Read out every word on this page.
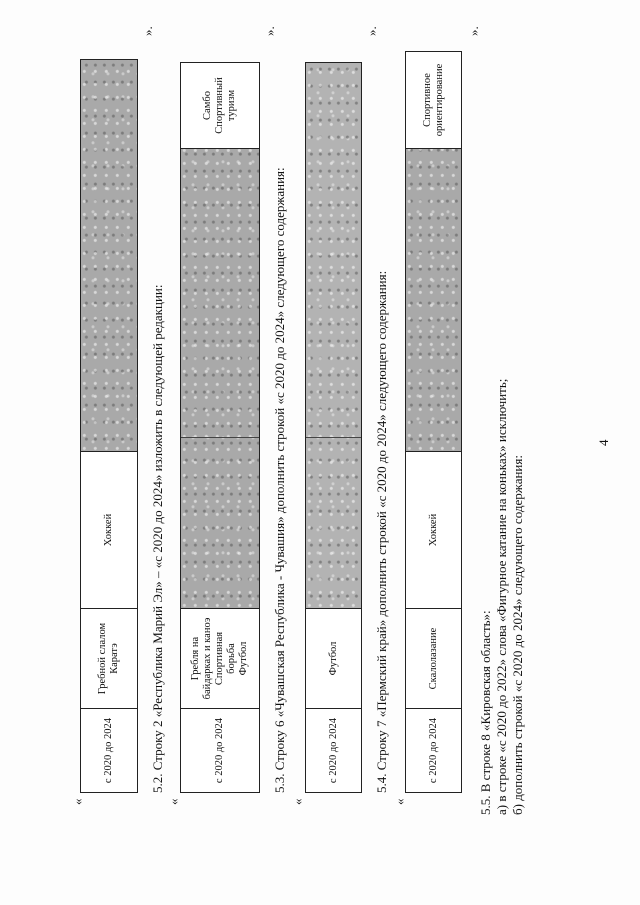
4
«
с 2020 до 2024
Гребной слалом Каратэ
Хоккей
».
5.2. Строку 2 «Республика Марий Эл» – «с 2020 до 2024» изложить в следующей редакции:
«
с 2020 до 2024
Гребля на байдарках и каноэ Спортивная борьба Футбол
Самбо Спортивный туризм
».
5.3. Строку 6 «Чувашская Республика - Чувашия» дополнить строкой «с 2020 до 2024» следующего содержания:
«
с 2020 до 2024
Футбол
».
5.4. Строку 7 «Пермский край» дополнить строкой «с 2020 до 2024» следующего содержания:
«
с 2020 до 2024
Скалолазание
Хоккей
Спортивное ориентирование
».
5.5. В строке 8 «Кировская область»: а) в строке «с 2020 до 2022» слова «Фигурное катание на коньках» исключить; б) дополнить строкой «с 2020 до 2024» следующего содержания:
